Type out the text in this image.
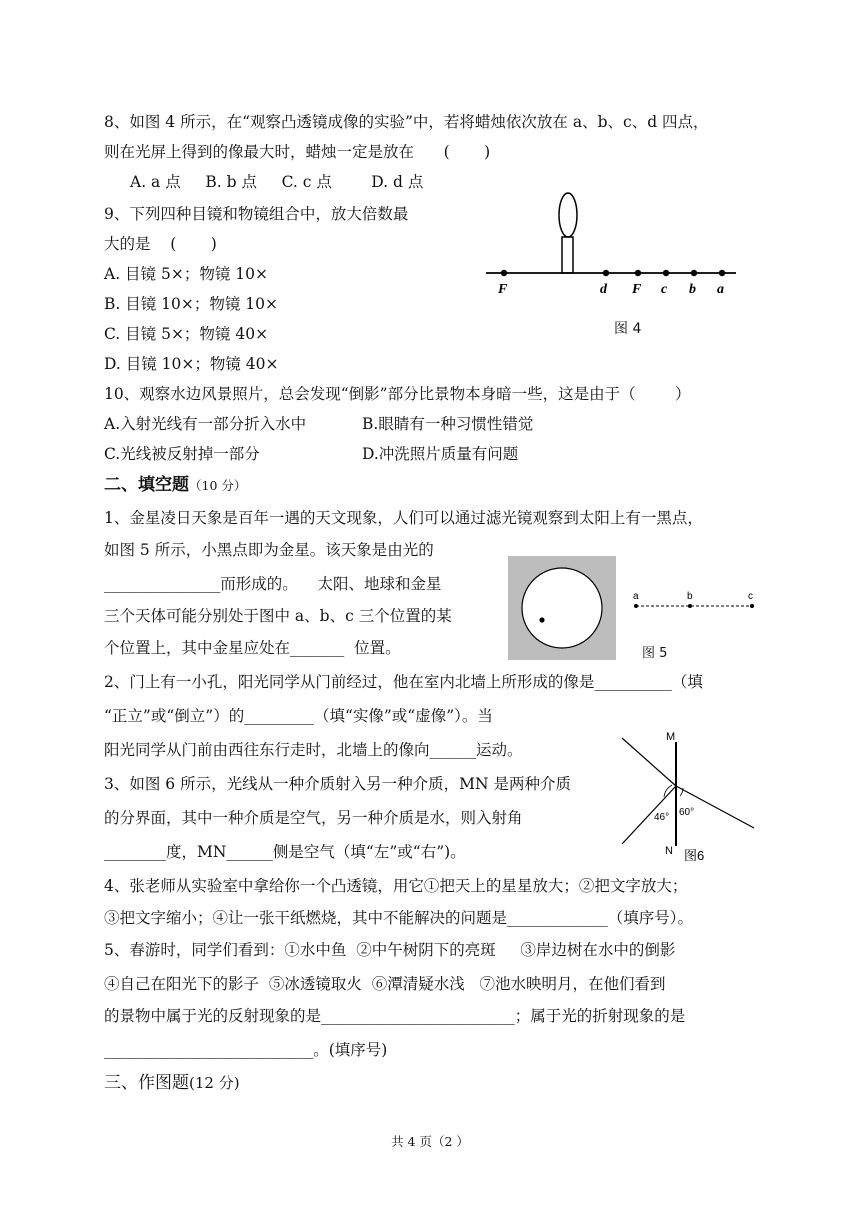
8、如图 4 所示，在“观察凸透镜成像的实验”中，若将蜡烛依次放在 a、b、c、d 四点，
则在光屏上得到的像最大时，蜡烛一定是放在      (       )
A. a 点     B. b 点     C. c 点        D. d 点
9、下列四种目镜和物镜组合中，放大倍数最
大的是    (       )
A. 目镜 5×；物镜 10×
B. 目镜 10×；物镜 10×
C. 目镜 5×；物镜 40×
D. 目镜 10×；物镜 40×
F	d F c b a
图 4
10、观察水边风景照片，总会发现“倒影”部分比景物本身暗一些，这是由于（        ）
A.入射光线有一部分折入水中	B.眼睛有一种习惯性错觉
C.光线被反射掉一部分	D.冲洗照片质量有问题
二、填空题（10 分）
1、金星凌日天象是百年一遇的天文现象，人们可以通过滤光镜观察到太阳上有一黑点，
如图 5 所示，小黑点即为金星。该天象是由光的
_______________而形成的。    太阳、地球和金星
三个天体可能分别处于图中 a、b、c 三个位置的某
个位置上，其中金星应处在_______  位置。
a	b	c
图 5
2、门上有一小孔，阳光同学从门前经过，他在室内北墙上所形成的像是__________（填
“正立”或“倒立”）的_________（填“实像”或“虚像”）。当
阳光同学从门前由西往东行走时，北墙上的像向______运动。
3、如图 6 所示，光线从一种介质射入另一种介质，MN 是两种介质
的分界面，其中一种介质是空气，另一种介质是水，则入射角
________度，MN______侧是空气（填“左”或“右”)。
M
N
46° 60°
图6
4、张老师从实验室中拿给你一个凸透镜，用它①把天上的星星放大；②把文字放大；
③把文字缩小；④让一张干纸燃烧，其中不能解决的问题是_____________（填序号）。
5、春游时，同学们看到：①水中鱼  ②中午树阴下的亮斑     ③岸边树在水中的倒影
④自己在阳光下的影子  ⑤冰透镜取火  ⑥潭清疑水浅   ⑦池水映明月，在他们看到
的景物中属于光的反射现象的是_________________________；属于光的折射现象的是
___________________________。(填序号)
三、作图题(12 分)
共 4 页（2 ）
